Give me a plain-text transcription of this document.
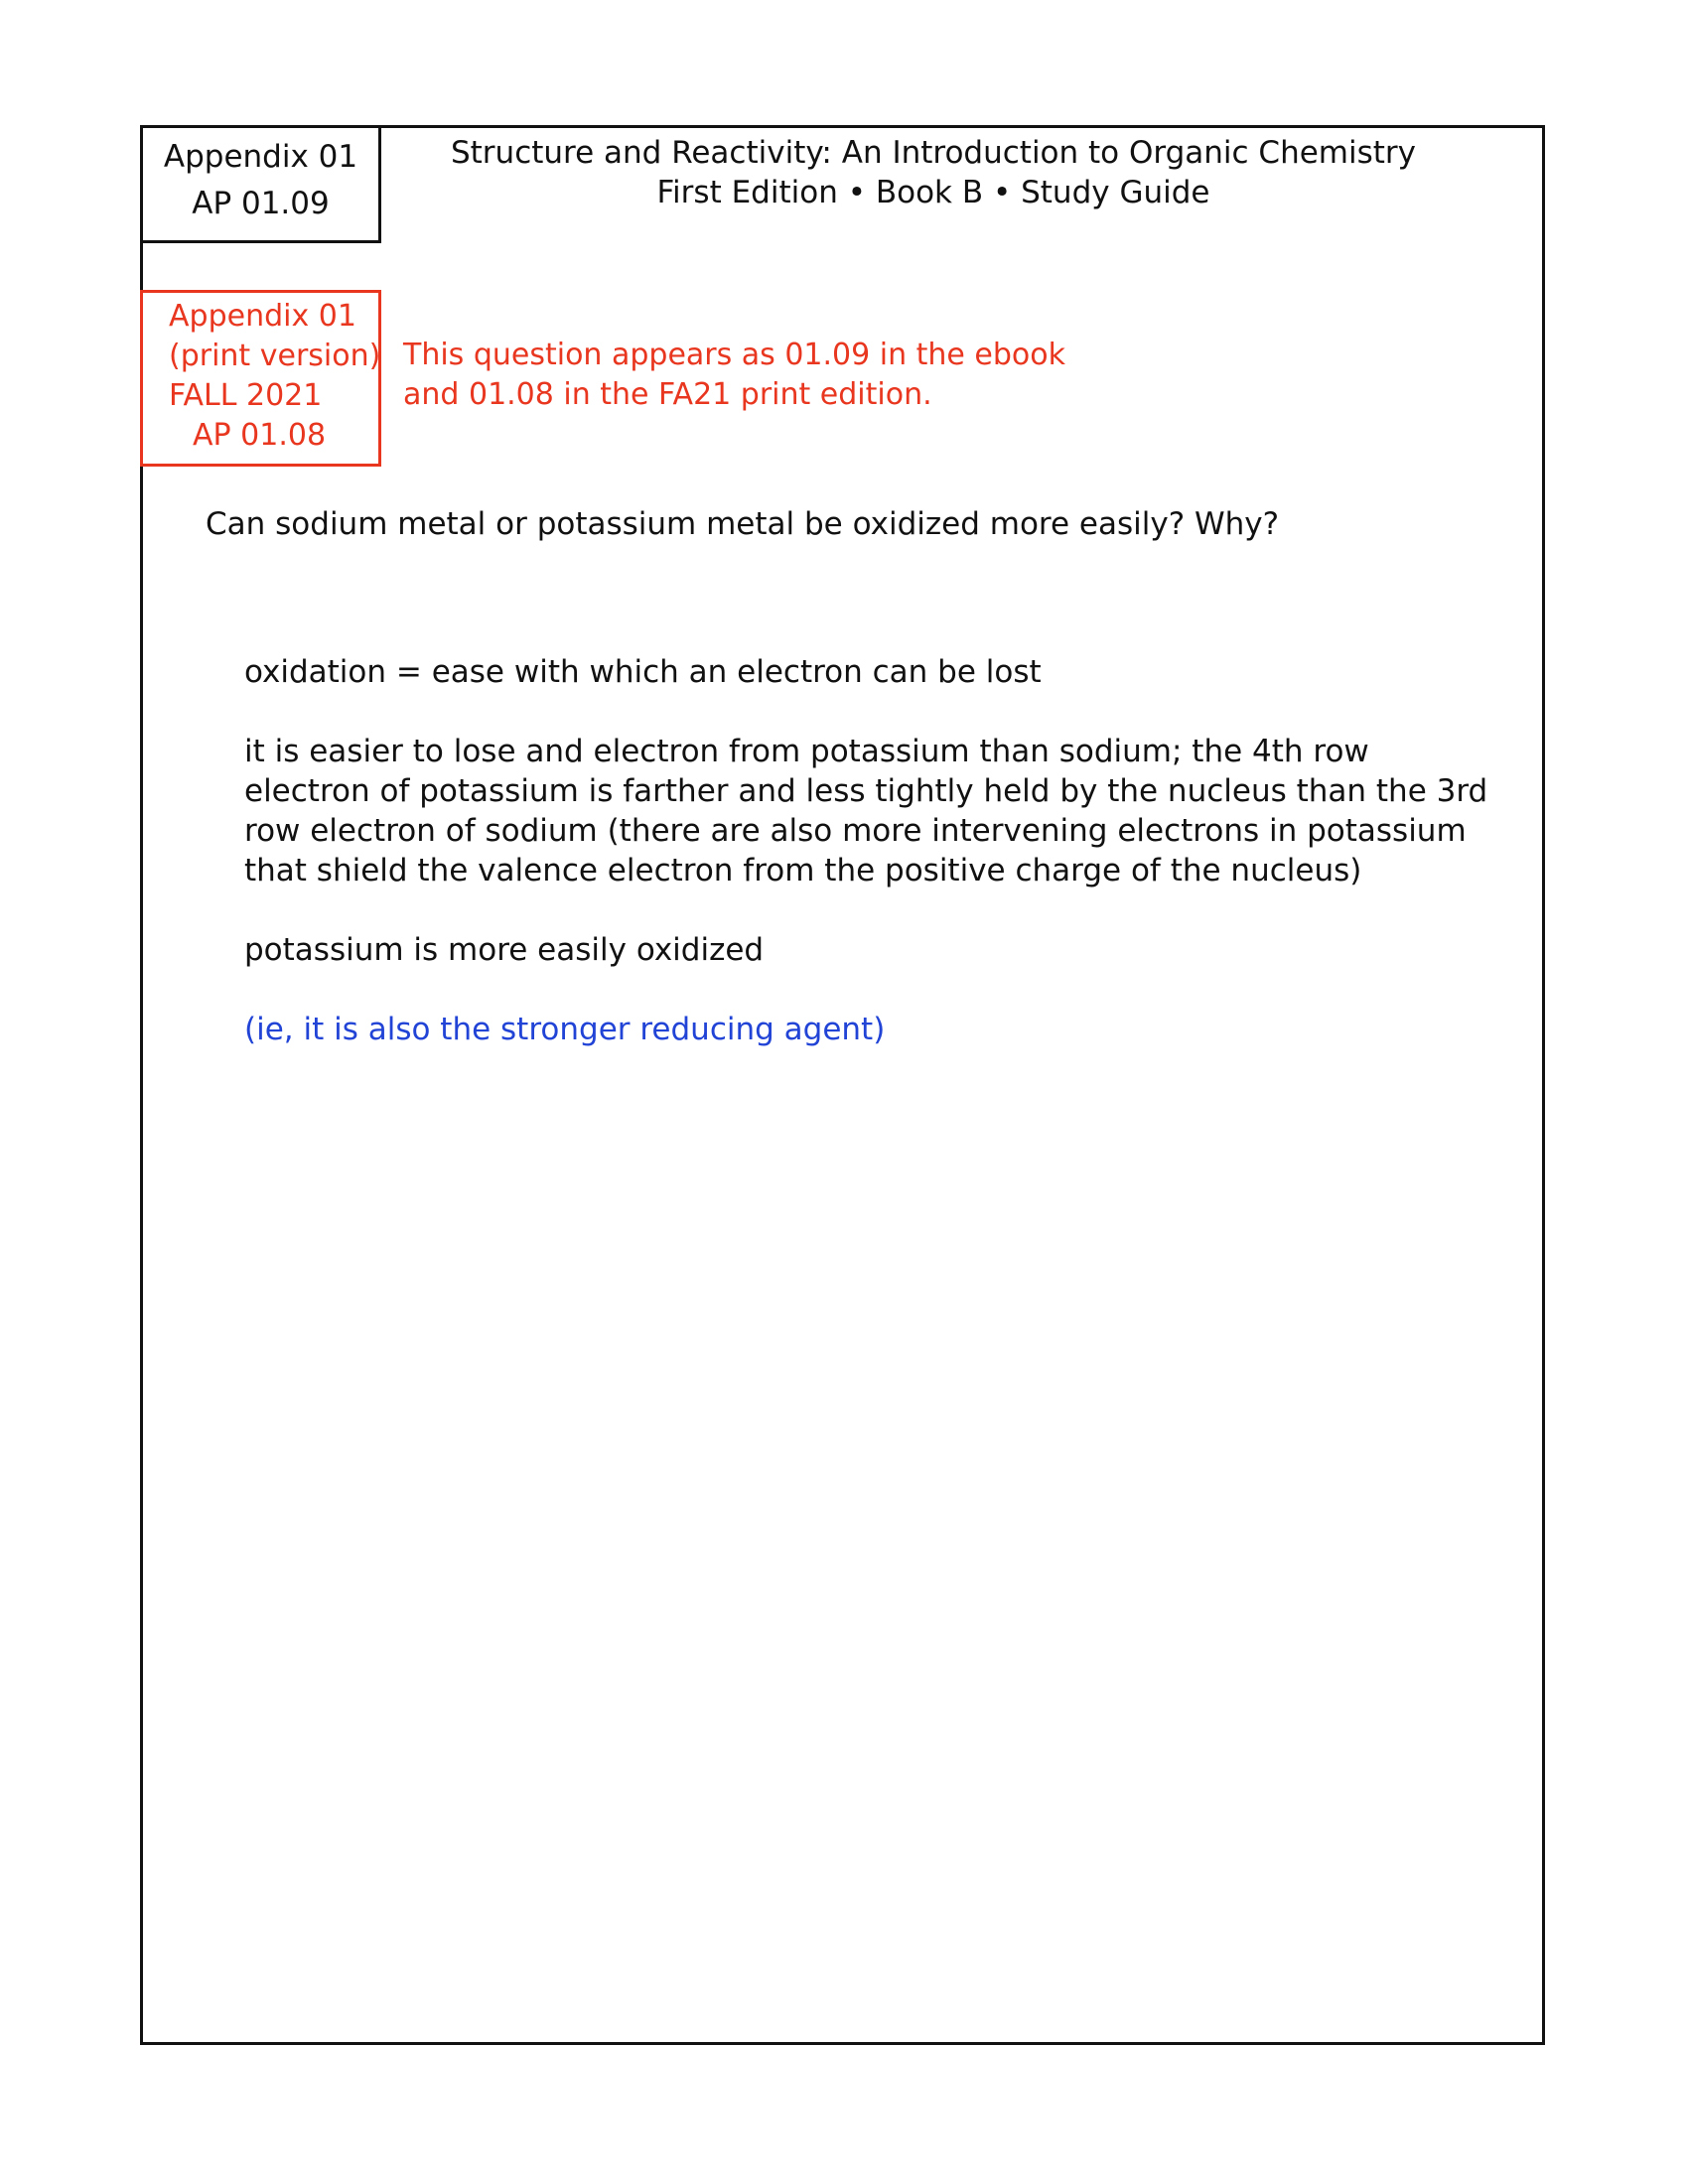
Appendix 01
AP 01.09
Structure and Reactivity: An Introduction to Organic Chemistry
First Edition • Book B • Study Guide
Appendix 01
(print version)
FALL 2021
AP 01.08
This question appears as 01.09 in the ebook
and 01.08 in the FA21 print edition.
Can sodium metal or potassium metal be oxidized more easily? Why?
oxidation = ease with which an electron can be lost
it is easier to lose and electron from potassium than sodium; the 4th row electron of potassium is farther and less tightly held by the nucleus than the 3rd row electron of sodium (there are also more intervening electrons in potassium that shield the valence electron from the positive charge of the nucleus)
potassium is more easily oxidized
(ie, it is also the stronger reducing agent)
